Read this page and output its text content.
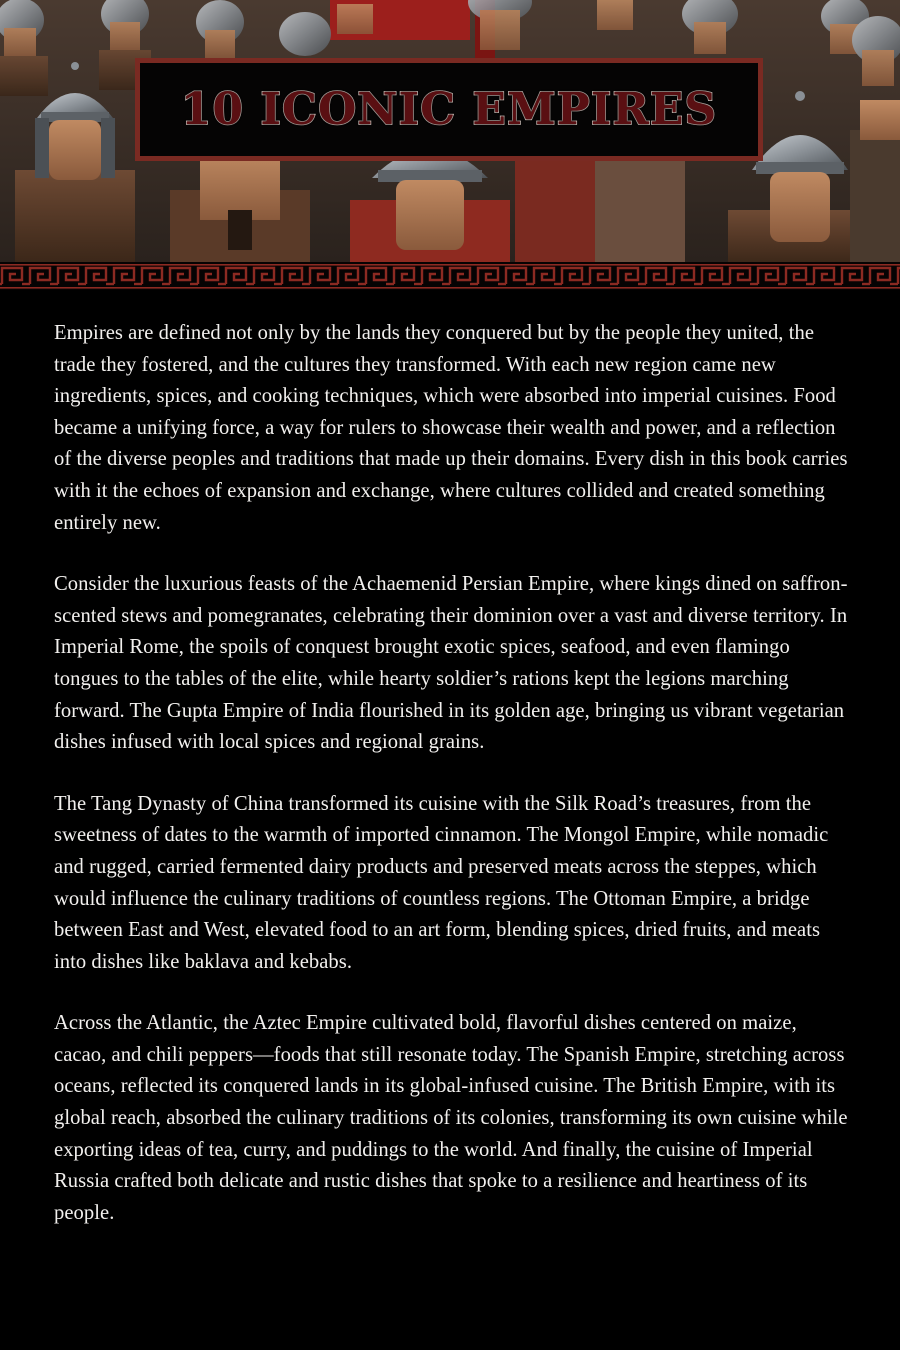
10 ICONIC EMPIRES

Empires are defined not only by the lands they conquered but by the people they united, the trade they fostered, and the cultures they transformed. With each new region came new ingredients, spices, and cooking techniques, which were absorbed into imperial cuisines. Food became a unifying force, a way for rulers to showcase their wealth and power, and a reflection of the diverse peoples and traditions that made up their domains. Every dish in this book carries with it the echoes of expansion and exchange, where cultures collided and created something entirely new.

Consider the luxurious feasts of the Achaemenid Persian Empire, where kings dined on saffron-scented stews and pomegranates, celebrating their dominion over a vast and diverse territory. In Imperial Rome, the spoils of conquest brought exotic spices, seafood, and even flamingo tongues to the tables of the elite, while hearty soldier’s rations kept the legions marching forward. The Gupta Empire of India flourished in its golden age, bringing us vibrant vegetarian dishes infused with local spices and regional grains.

The Tang Dynasty of China transformed its cuisine with the Silk Road’s treasures, from the sweetness of dates to the warmth of imported cinnamon. The Mongol Empire, while nomadic and rugged, carried fermented dairy products and preserved meats across the steppes, which would influence the culinary traditions of countless regions. The Ottoman Empire, a bridge between East and West, elevated food to an art form, blending spices, dried fruits, and meats into dishes like baklava and kebabs.

Across the Atlantic, the Aztec Empire cultivated bold, flavorful dishes centered on maize, cacao, and chili peppers—foods that still resonate today. The Spanish Empire, stretching across oceans, reflected its conquered lands in its global-infused cuisine. The British Empire, with its global reach, absorbed the culinary traditions of its colonies, transforming its own cuisine while exporting ideas of tea, curry, and puddings to the world. And finally, the cuisine of Imperial Russia crafted both delicate and rustic dishes that spoke to a resilience and heartiness of its people.
